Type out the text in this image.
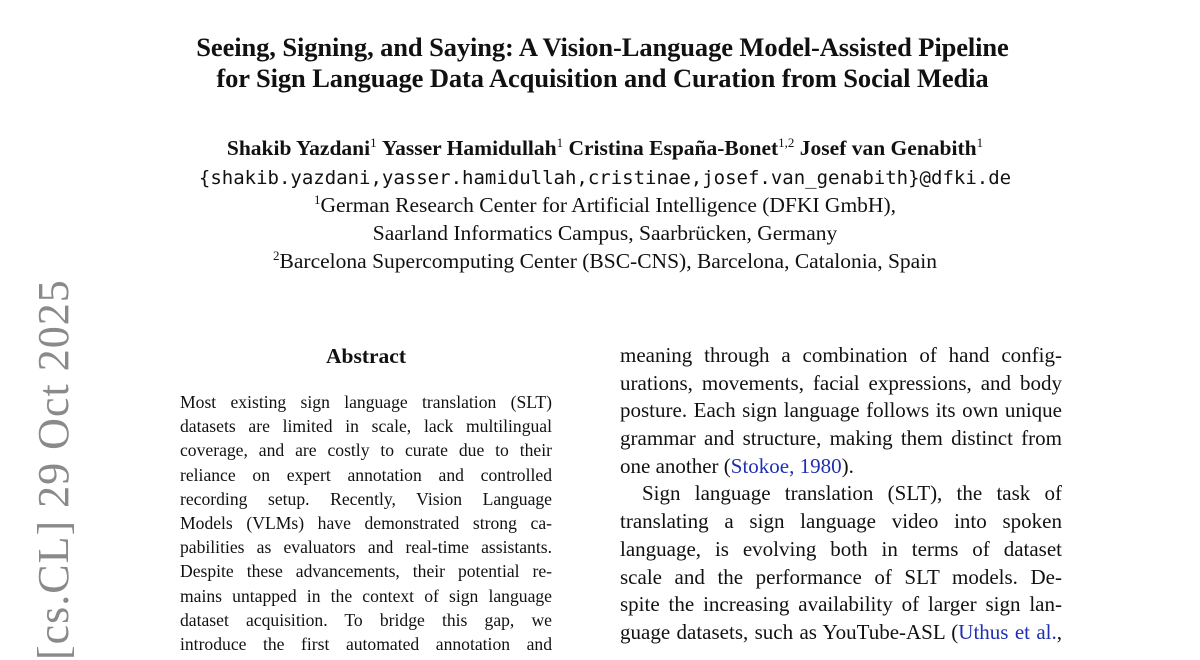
Seeing, Signing, and Saying: A Vision-Language Model-Assisted Pipeline
for Sign Language Data Acquisition and Curation from Social Media
Shakib Yazdani$^1$ Yasser Hamidullah$^1$ Cristina España-Bonet$^{1,2}$ Josef van Genabith$^1$
{shakib.yazdani,yasser.hamidullah,cristinae,josef.van_genabith}@dfki.de
$^1$German Research Center for Artificial Intelligence (DFKI GmbH),
Saarland Informatics Campus, Saarbrücken, Germany
$^2$Barcelona Supercomputing Center (BSC-CNS), Barcelona, Catalonia, Spain
[cs.CL] 29 Oct 2025	Abstract
Most existing sign language translation (SLT)
datasets are limited in scale, lack multilingual
coverage, and are costly to curate due to their
reliance on expert annotation and controlled
recording setup. Recently, Vision Language
Models (VLMs) have demonstrated strong ca-
pabilities as evaluators and real-time assistants.
Despite these advancements, their potential re-
mains untapped in the context of sign language
dataset acquisition. To bridge this gap, we
introduce the first automated annotation and
meaning through a combination of hand config-
urations, movements, facial expressions, and body
posture. Each sign language follows its own unique
grammar and structure, making them distinct from
one another (Stokoe, 1980).
Sign language translation (SLT), the task of
translating a sign language video into spoken
language, is evolving both in terms of dataset
scale and the performance of SLT models. De-
spite the increasing availability of larger sign lan-
guage datasets, such as YouTube-ASL (Uthus et al.,
